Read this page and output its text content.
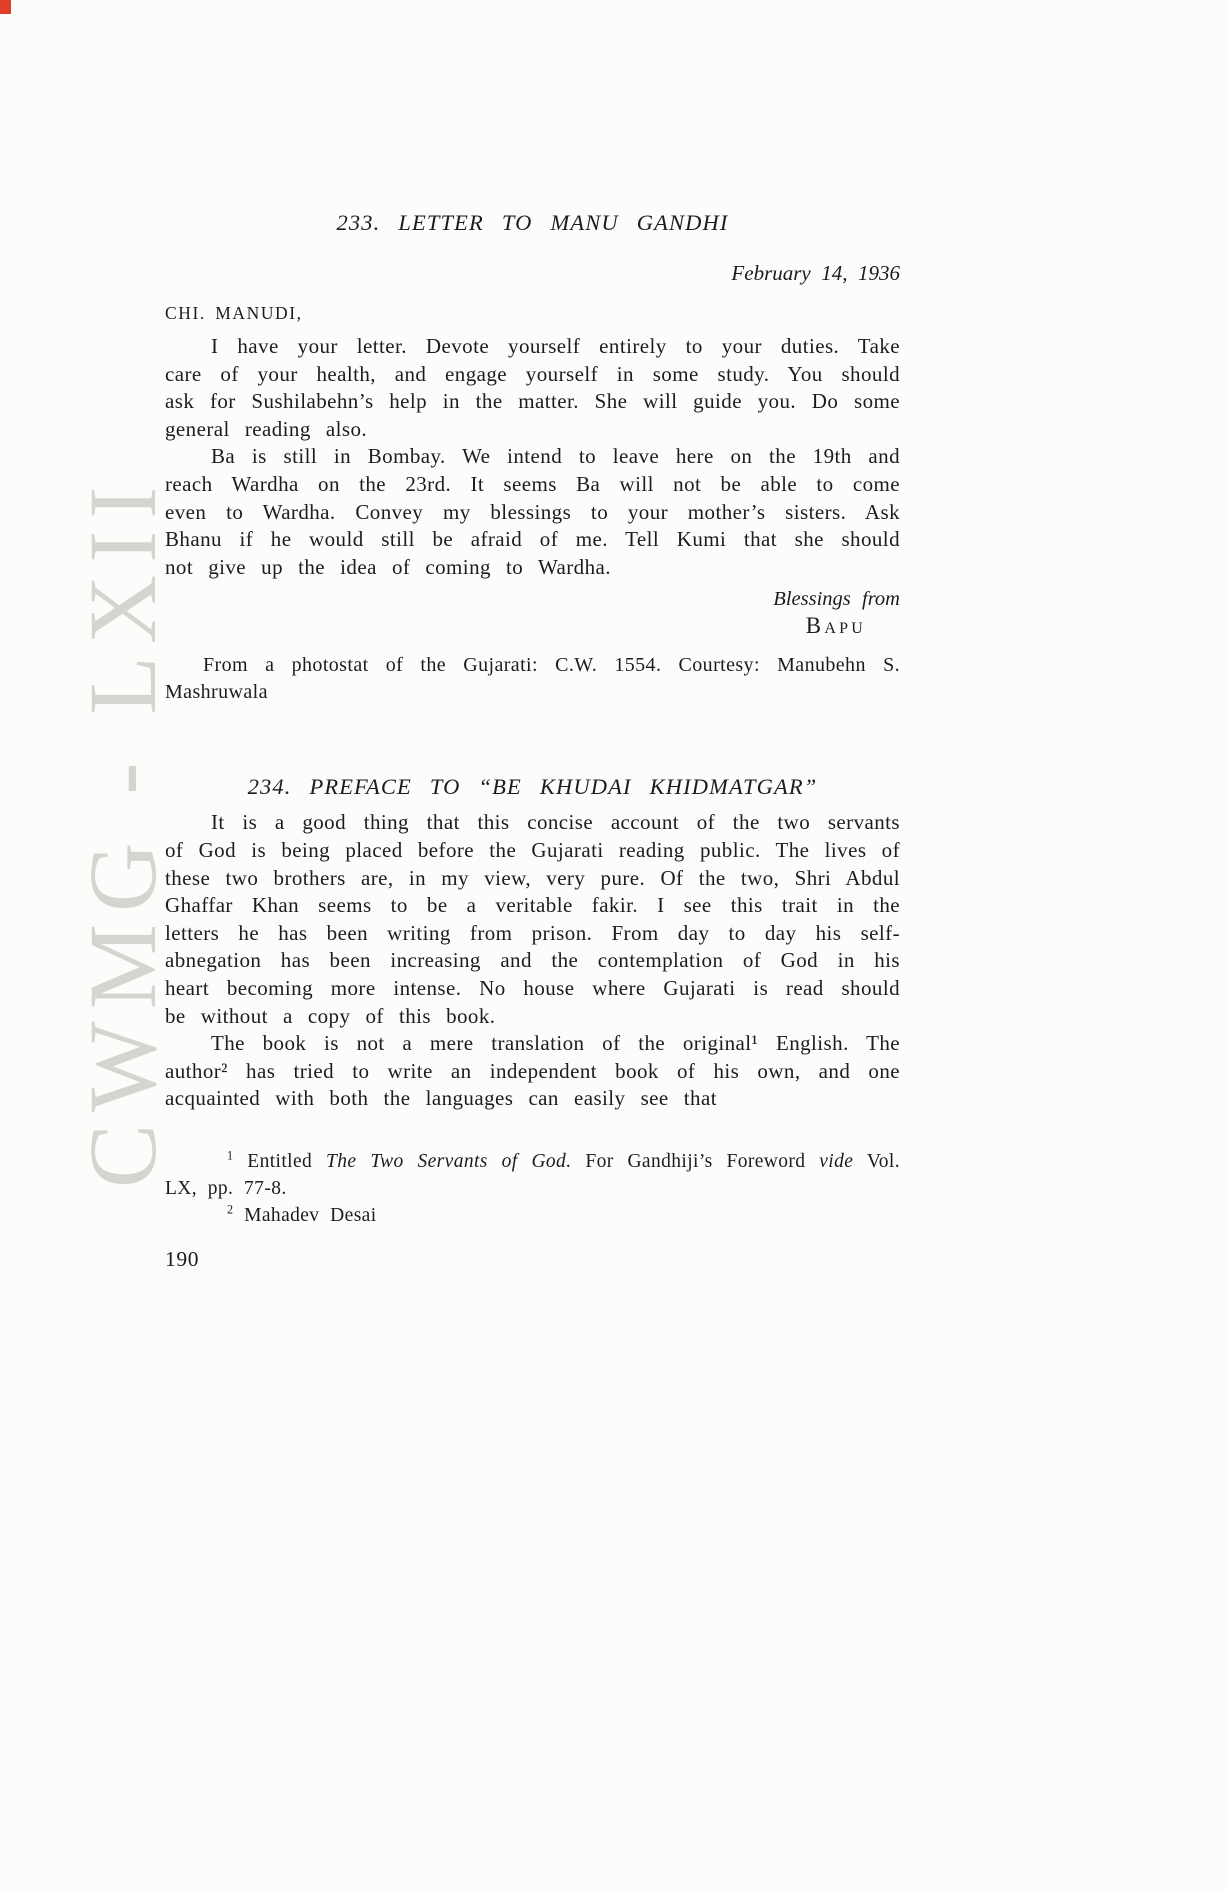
CWMG - LXII
233. LETTER TO MANU GANDHI
February 14, 1936
CHI. MANUDI,

I have your letter. Devote yourself entirely to your duties. Take care of your health, and engage yourself in some study. You should ask for Sushilabehn’s help in the matter. She will guide you. Do some general reading also.

Ba is still in Bombay. We intend to leave here on the 19th and reach Wardha on the 23rd. It seems Ba will not be able to come even to Wardha. Convey my blessings to your mother’s sisters. Ask Bhanu if he would still be afraid of me. Tell Kumi that she should not give up the idea of coming to Wardha.

Blessings from
Bapu

From a photostat of the Gujarati: C.W. 1554. Courtesy: Manubehn S. Mashruwala

234. PREFACE TO “BE KHUDAI KHIDMATGAR”

It is a good thing that this concise account of the two servants of God is being placed before the Gujarati reading public. The lives of these two brothers are, in my view, very pure. Of the two, Shri Abdul Ghaffar Khan seems to be a veritable fakir. I see this trait in the letters he has been writing from prison. From day to day his self-abnegation has been increasing and the contemplation of God in his heart becoming more intense. No house where Gujarati is read should be without a copy of this book.

The book is not a mere translation of the original¹ English. The author² has tried to write an independent book of his own, and one acquainted with both the languages can easily see that

$^1$ Entitled The Two Servants of God. For Gandhiji’s Foreword vide Vol. LX, pp. 77-8.

$^2$ Mahadev Desai

190
